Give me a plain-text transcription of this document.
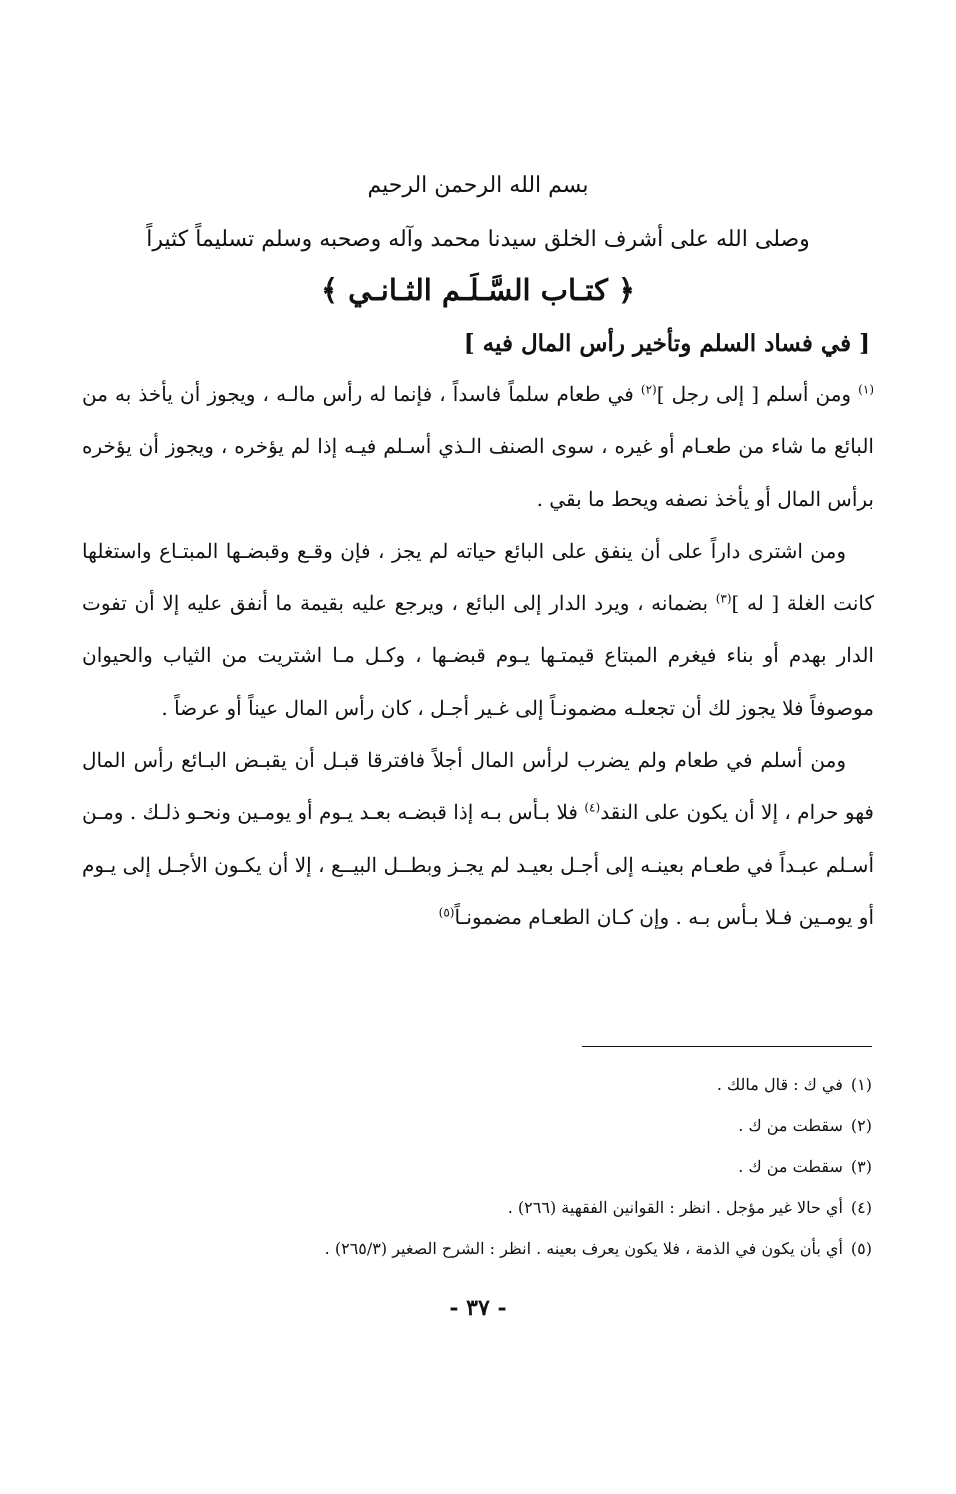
بسم الله الرحمن الرحيم
وصلى الله على أشرف الخلق سيدنا محمد وآله وصحبه وسلم تسليماً كثيراً
﴿ كتـاب السَّـلَـم الثـانـي ﴾
[ في فساد السلم وتأخير رأس المال فيه ]

$^{(١)}$ ومن أسلم [ إلى رجل ]$^{(٢)}$ في طعام سلماً فاسداً ، فإنما له رأس مالـه ، ويجوز أن يأخذ به من البائع ما شاء من طعـام أو غيره ، سوى الصنف الـذي أسـلم فيـه إذا لم يؤخره ، ويجوز أن يؤخره برأس المال أو يأخذ نصفه ويحط ما بقي .

ومن اشترى داراً على أن ينفق على البائع حياته لم يجز ، فإن وقـع وقبضـها المبتـاع واستغلها كانت الغلة [ له ]$^{(٣)}$ بضمانه ، ويرد الدار إلى البائع ، ويرجع عليه بقيمة ما أنفق عليه إلا أن تفوت الدار بهدم أو بناء فيغرم المبتاع قيمتـها يـوم قبضـها ، وكـل مـا اشتريت من الثياب والحيوان موصوفاً فلا يجوز لك أن تجعلـه مضمونـاً إلى غـير أجـل ، كان رأس المال عيناً أو عرضاً .

ومن أسلم في طعام ولم يضرب لرأس المال أجلاً فافترقا قبـل أن يقبـض البـائع رأس المال فهو حرام ، إلا أن يكون على النقد$^{(٤)}$ فلا بـأس بـه إذا قبضـه بعـد يـوم أو يومـين ونحـو ذلـك . ومـن أسـلم عبـداً في طعـام بعينـه إلى أجـل بعيـد لم يجـز وبطــل البيــع ، إلا أن يكـون الأجـل إلى يـوم أو يومـين فـلا بـأس بـه . وإن كـان الطعـام مضمونـاً$^{(٥)}$

(١)في ك : قال مالك .
(٢)سقطت من ك .
(٣)سقطت من ك .
(٤)أي حالا غير مؤجل . انظر : القوانين الفقهية (٢٦٦) .
(٥)أي بأن يكون في الذمة ، فلا يكون يعرف بعينه . انظر : الشرح الصغير (٢٦٥/٣) .
- ٣٧ -
